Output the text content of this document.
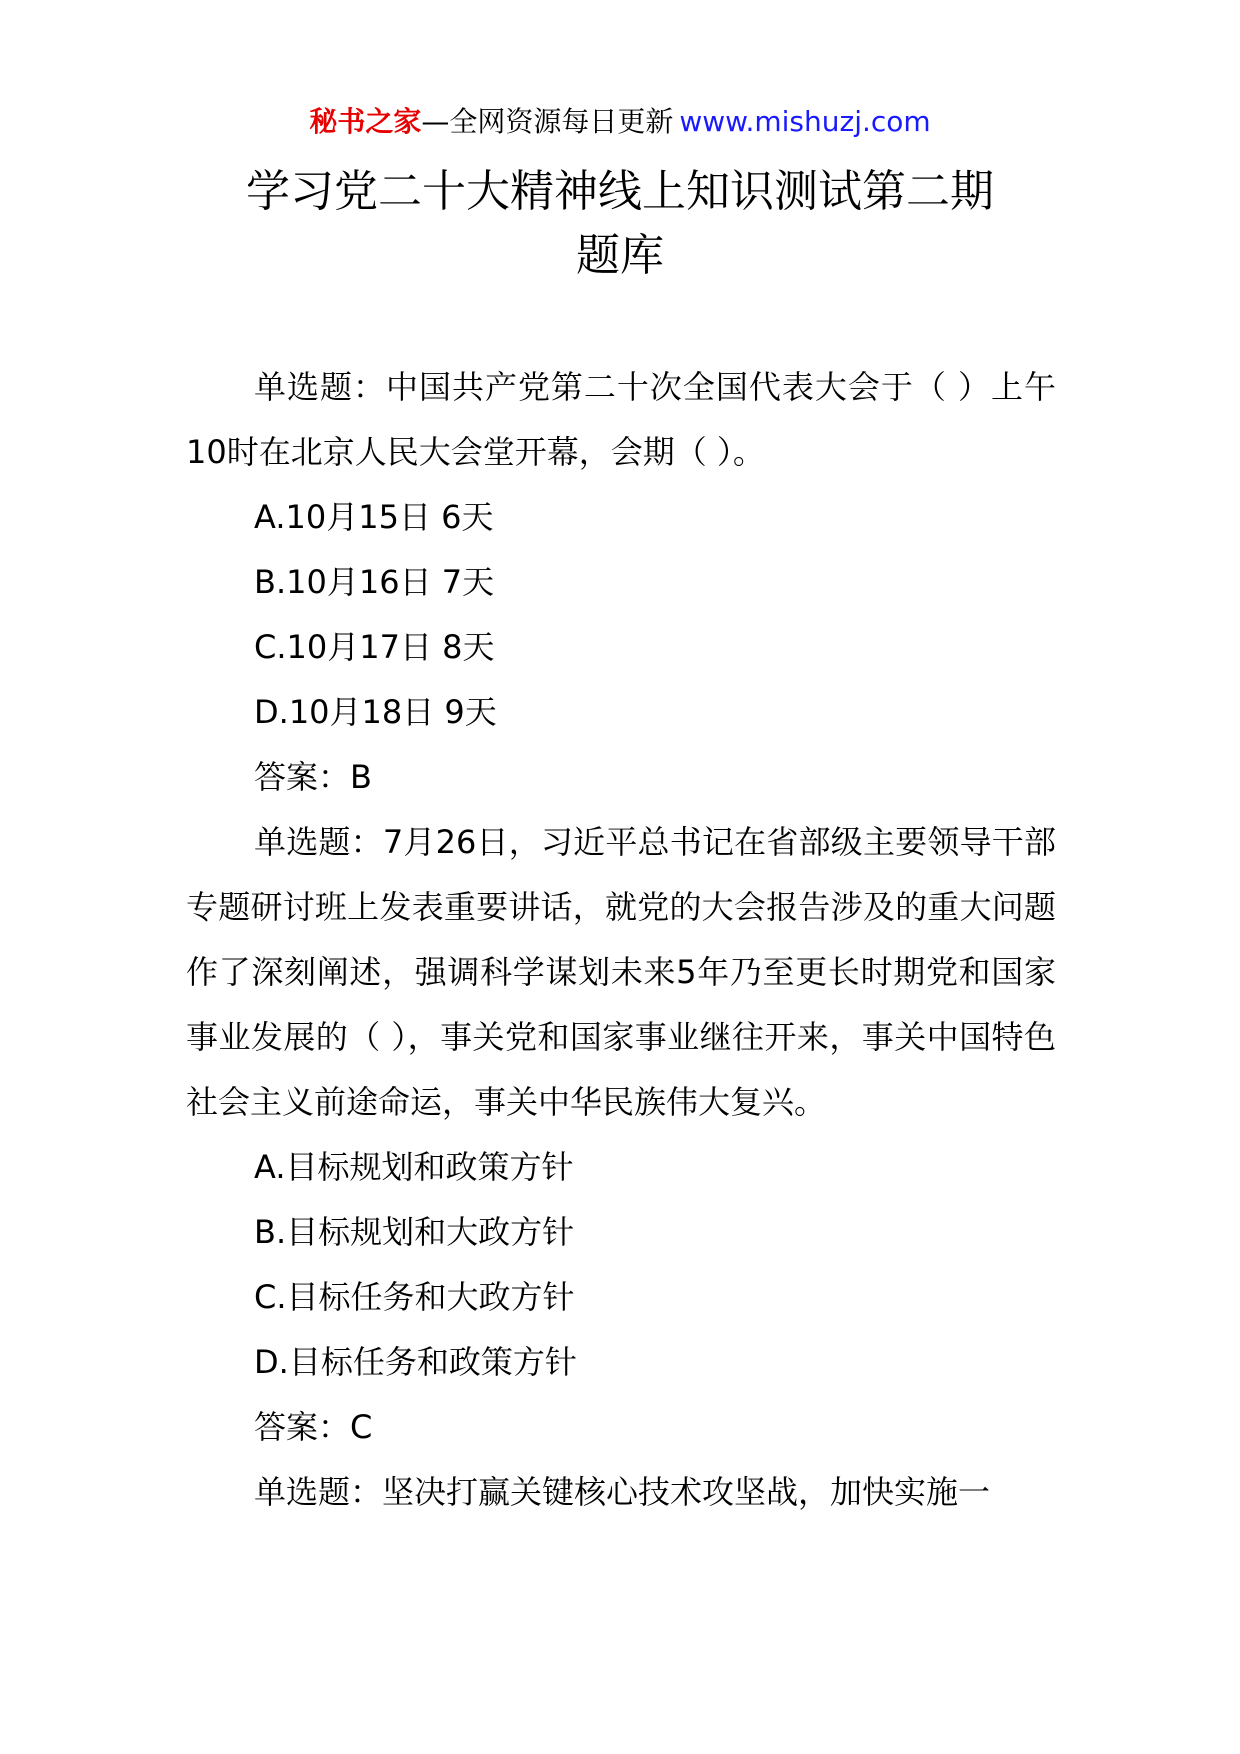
秘书之家—全网资源每日更新 www.mishuzj.com
学习党二十大精神线上知识测试第二期
题库

单选题：中国共产党第二十次全国代表大会于（ ）上午10时在北京人民大会堂开幕，会期（ ）。

A.10月15日 6天

B.10月16日 7天

C.10月17日 8天

D.10月18日 9天

答案：B

单选题：7月26日，习近平总书记在省部级主要领导干部专题研讨班上发表重要讲话，就党的大会报告涉及的重大问题作了深刻阐述，强调科学谋划未来5年乃至更长时期党和国家事业发展的（ ），事关党和国家事业继往开来，事关中国特色社会主义前途命运，事关中华民族伟大复兴。

A.目标规划和政策方针

B.目标规划和大政方针

C.目标任务和大政方针

D.目标任务和政策方针

答案：C

单选题：坚决打赢关键核心技术攻坚战，加快实施一
